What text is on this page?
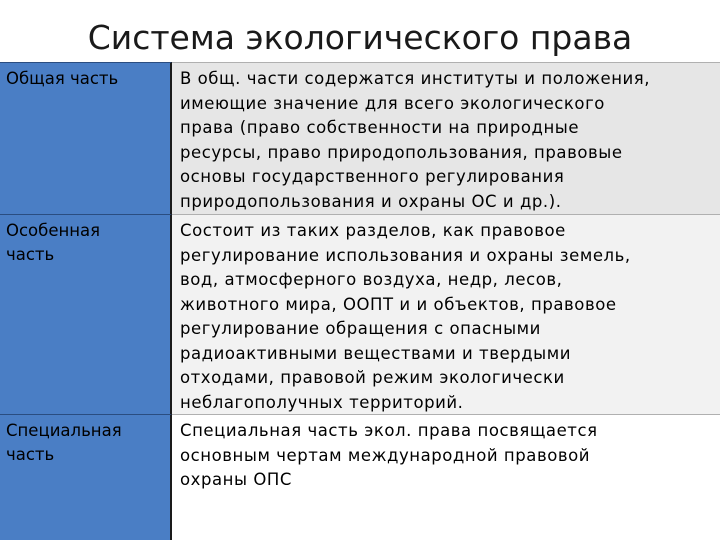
Система экологического права
Общая часть	В общ. части содержатся институты и положения,
имеющие значение для всего экологического
права (право собственности на природные
ресурсы, право природопользования, правовые
основы государственного регулирования
природопользования и охраны ОС и др.).
Особенная часть
Состоит из таких разделов, как правовое
регулирование использования и охраны земель,
вод, атмосферного воздуха, недр, лесов,
животного мира, ООПТ и и объектов, правовое
регулирование обращения с опасными
радиоактивными веществами и твердыми
отходами, правовой режим экологически
неблагополучных территорий.
Специальная часть
Специальная часть экол. права посвящается
основным чертам международной правовой
охраны ОПС
